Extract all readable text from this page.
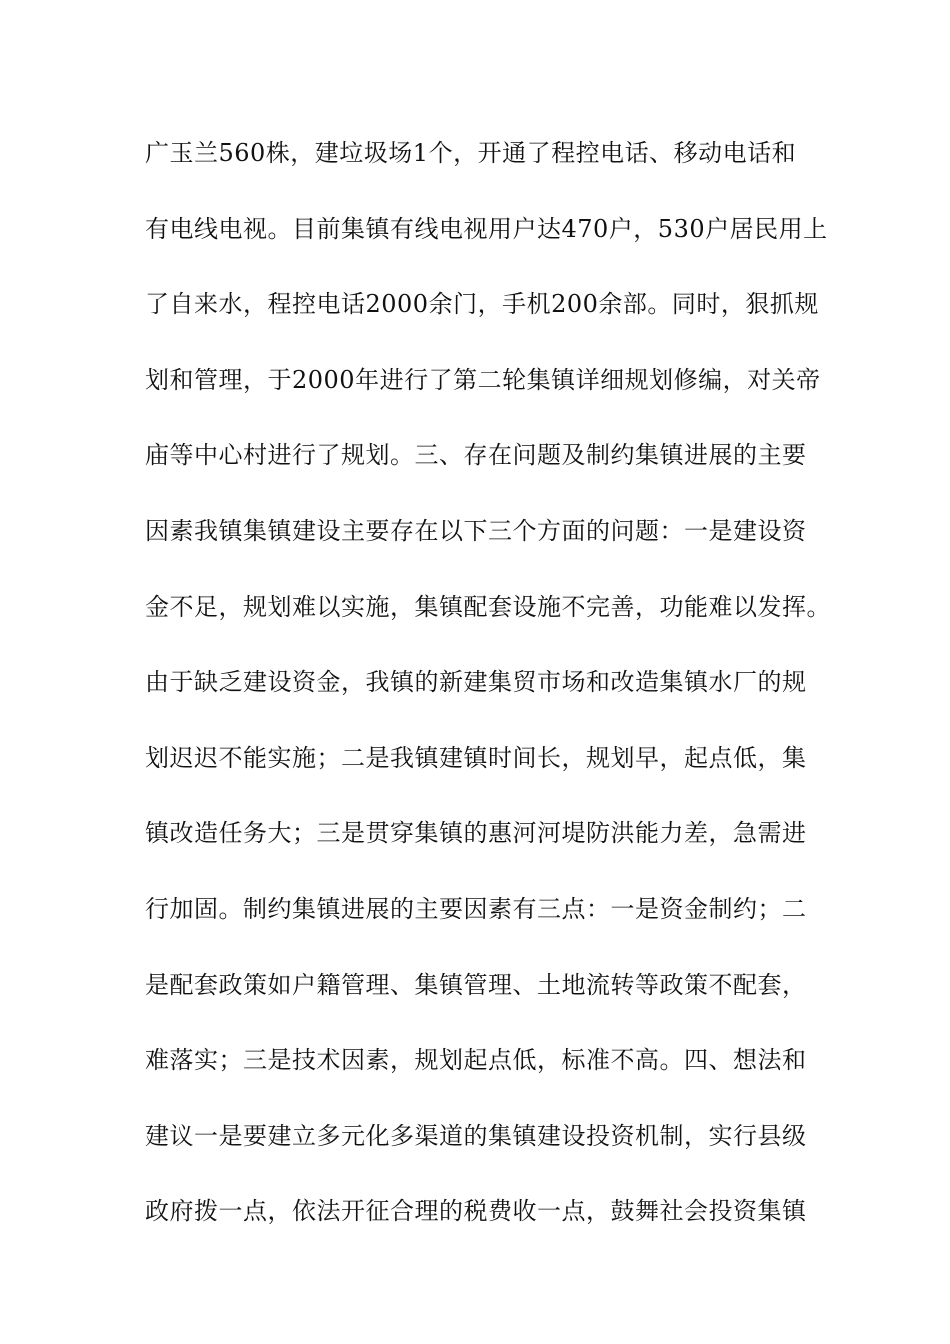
广玉兰560株，建垃圾场1个，开通了程控电话、移动电话和
有电线电视。目前集镇有线电视用户达470户，530户居民用上
了自来水，程控电话2000余门，手机200余部。同时，狠抓规
划和管理，于2000年进行了第二轮集镇详细规划修编，对关帝
庙等中心村进行了规划。三、存在问题及制约集镇进展的主要
因素我镇集镇建设主要存在以下三个方面的问题：一是建设资
金不足，规划难以实施，集镇配套设施不完善，功能难以发挥。
由于缺乏建设资金，我镇的新建集贸市场和改造集镇水厂的规
划迟迟不能实施；二是我镇建镇时间长，规划早，起点低，集
镇改造任务大；三是贯穿集镇的惠河河堤防洪能力差，急需进
行加固。制约集镇进展的主要因素有三点：一是资金制约；二
是配套政策如户籍管理、集镇管理、土地流转等政策不配套，
难落实；三是技术因素，规划起点低，标准不高。四、想法和
建议一是要建立多元化多渠道的集镇建设投资机制，实行县级
政府拨一点，依法开征合理的税费收一点，鼓舞社会投资集镇
